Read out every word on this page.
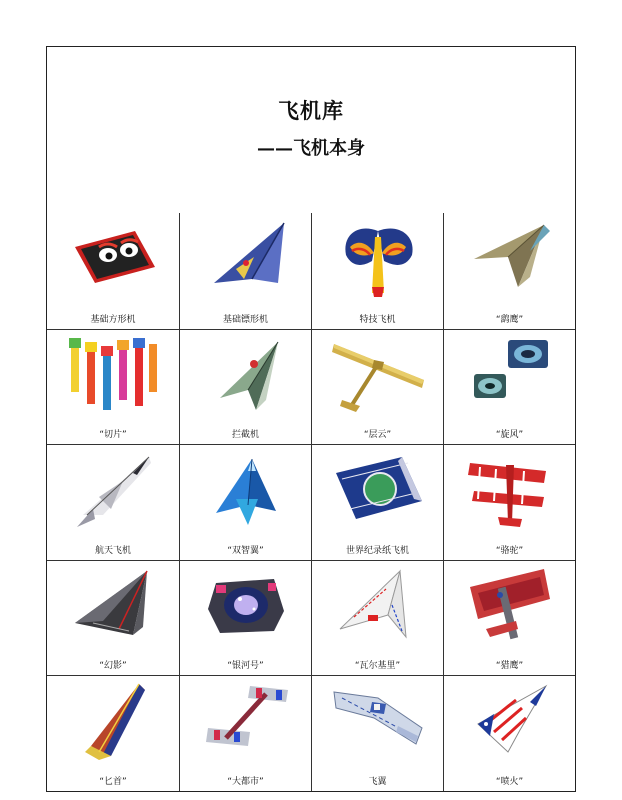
飞机库
——飞机本身
基础方形机	基础镖形机	特技飞机	“鹞鹰”
“切片”	拦截机	“层云”	“旋风”
航天飞机	“双智翼”	世界纪录纸飞机	“骆驼”
“幻影”	“银河号”	“瓦尔基里”	“猎鹰”
“匕首”	“大都市”	飞翼	“喷火”
